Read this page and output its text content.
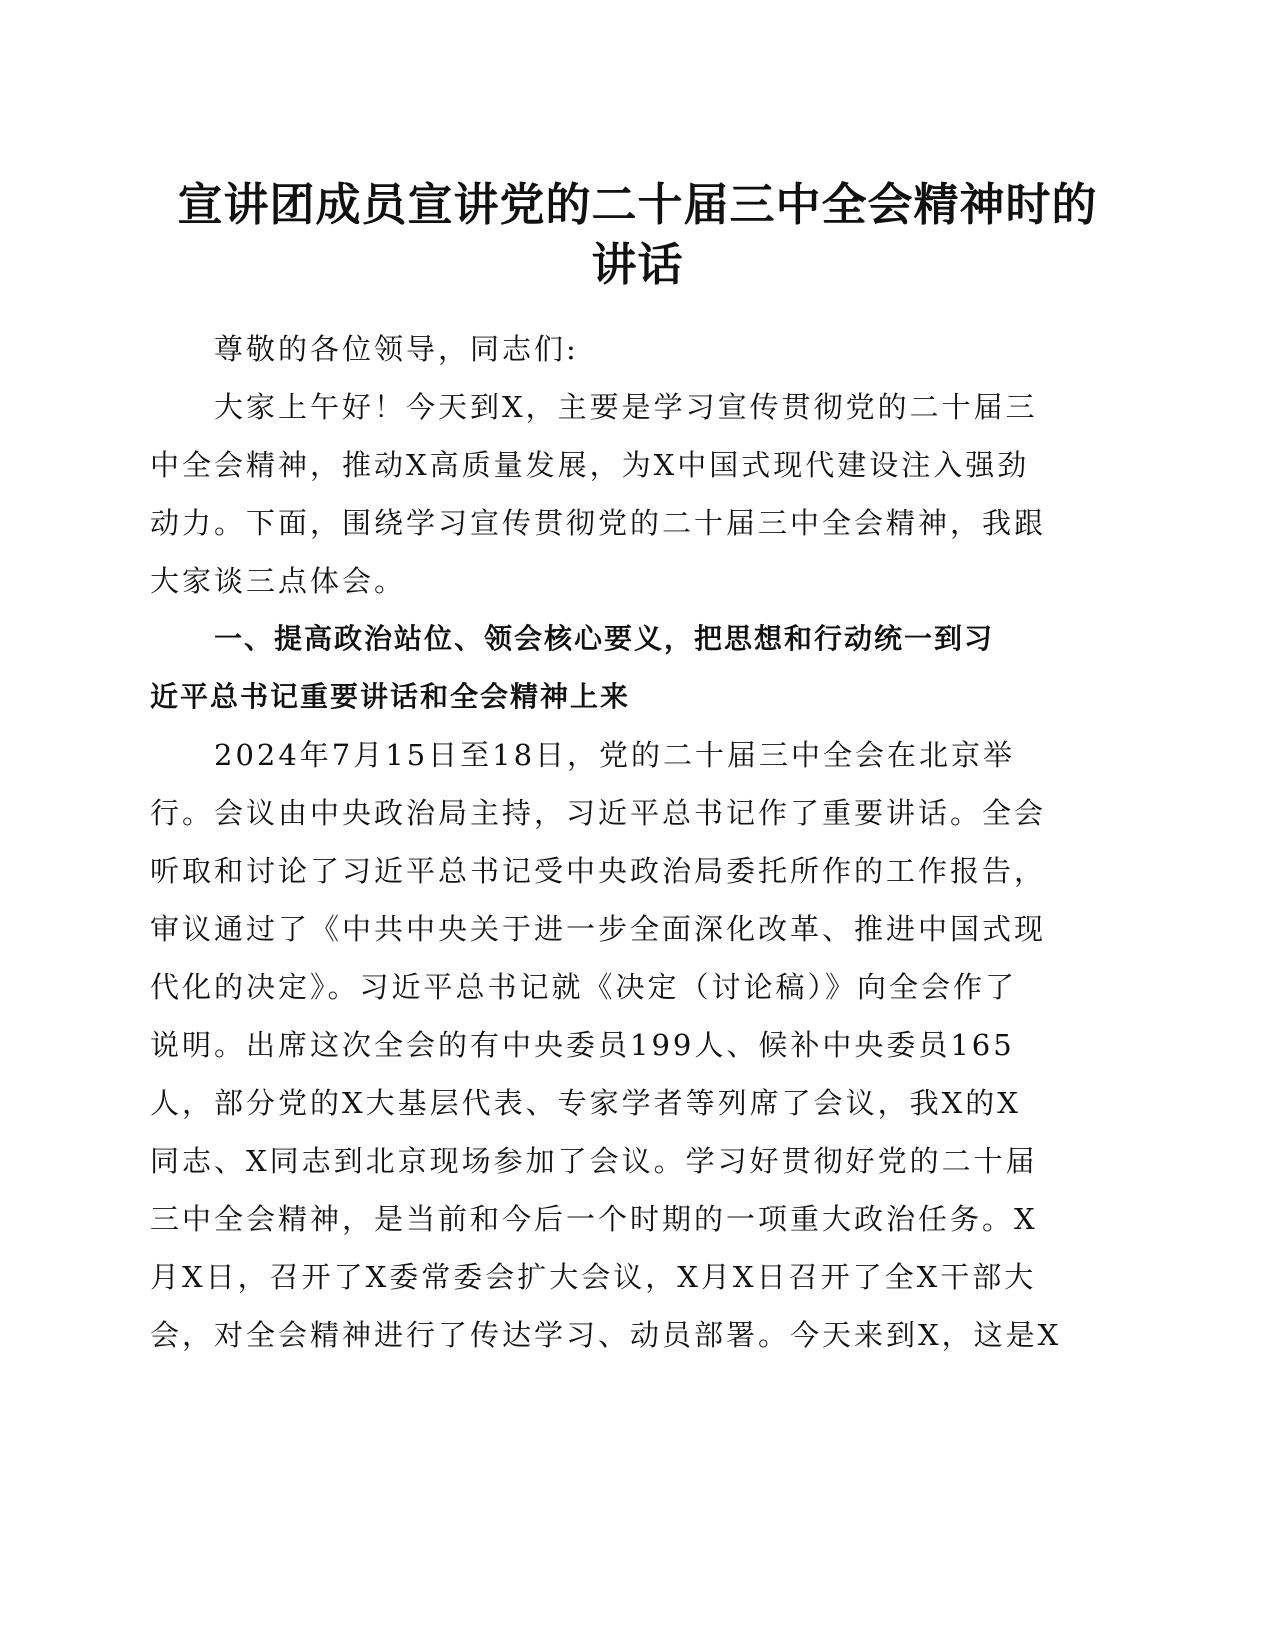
宣讲团成员宣讲党的二十届三中全会精神时的
讲话
尊敬的各位领导，同志们:
大家上午好！今天到X，主要是学习宣传贯彻党的二十届三
中全会精神，推动X高质量发展，为X中国式现代建设注入强劲
动力。下面，围绕学习宣传贯彻党的二十届三中全会精神，我跟
大家谈三点体会。
一、提高政治站位、领会核心要义，把思想和行动统一到习
近平总书记重要讲话和全会精神上来
2024年7月15日至18日，党的二十届三中全会在北京举
行。会议由中央政治局主持，习近平总书记作了重要讲话。全会
听取和讨论了习近平总书记受中央政治局委托所作的工作报告，
审议通过了《中共中央关于进一步全面深化改革、推进中国式现
代化的决定》。习近平总书记就《决定（讨论稿）》向全会作了
说明。出席这次全会的有中央委员199人、候补中央委员165
人，部分党的X大基层代表、专家学者等列席了会议，我X的X
同志、X同志到北京现场参加了会议。学习好贯彻好党的二十届
三中全会精神，是当前和今后一个时期的一项重大政治任务。X
月X日，召开了X委常委会扩大会议，X月X日召开了全X干部大
会，对全会精神进行了传达学习、动员部署。今天来到X，这是X
